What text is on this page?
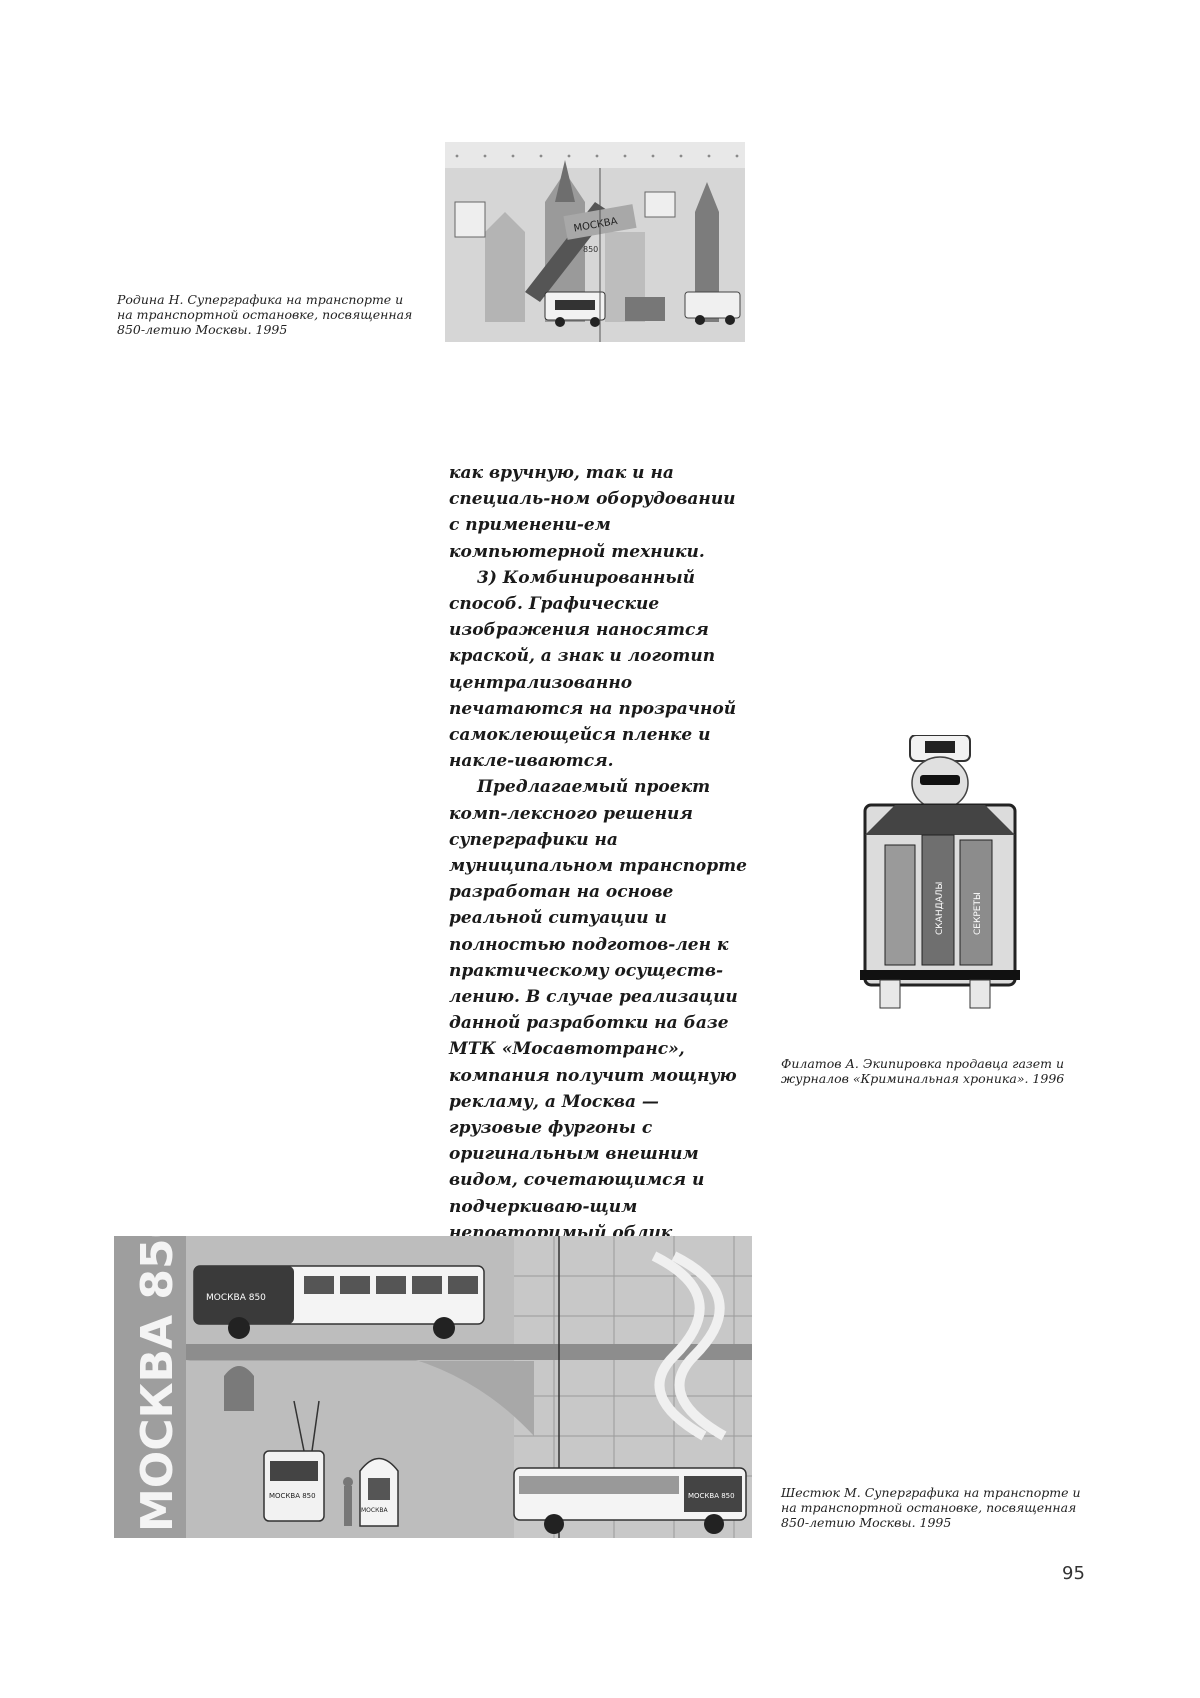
Родина Н. Суперграфика на транспорте и
на транспортной остановке, посвященная
850-летию Москвы. 1995
МОСКВА
850

как вручную, так и на специаль-ном оборудовании с применени-ем компьютерной техники.

3) Комбинированный способ. Графические изображения наносятся краской, а знак и логотип централизованно печатаются на прозрачной самоклеющейся пленке и накле-иваются.

Предлагаемый проект комп-лексного решения суперграфики на муниципальном транспорте разработан на основе реальной ситуации и полностью подготов-лен к практическому осуществ-лению. В случае реализации данной разработки на базе МТК «Мосавтотранс», компания получит мощную рекламу, а Москва — грузовые фургоны с оригинальным внешним видом, сочетающимся и подчеркиваю-щим неповторимый облик

СКАНДАЛЫ	СЕКРЕТЫ
Филатов А. Экипировка продавца газет и
журналов «Криминальная хроника». 1996
МОСКВА 850 ЛЕТ	МОСКВА 850
МОСКВА 850
МОСКВА
МОСКВА 850	Шестюк М. Суперграфика на транспорте и
на транспортной остановке, посвященная
850-летию Москвы. 1995
95
